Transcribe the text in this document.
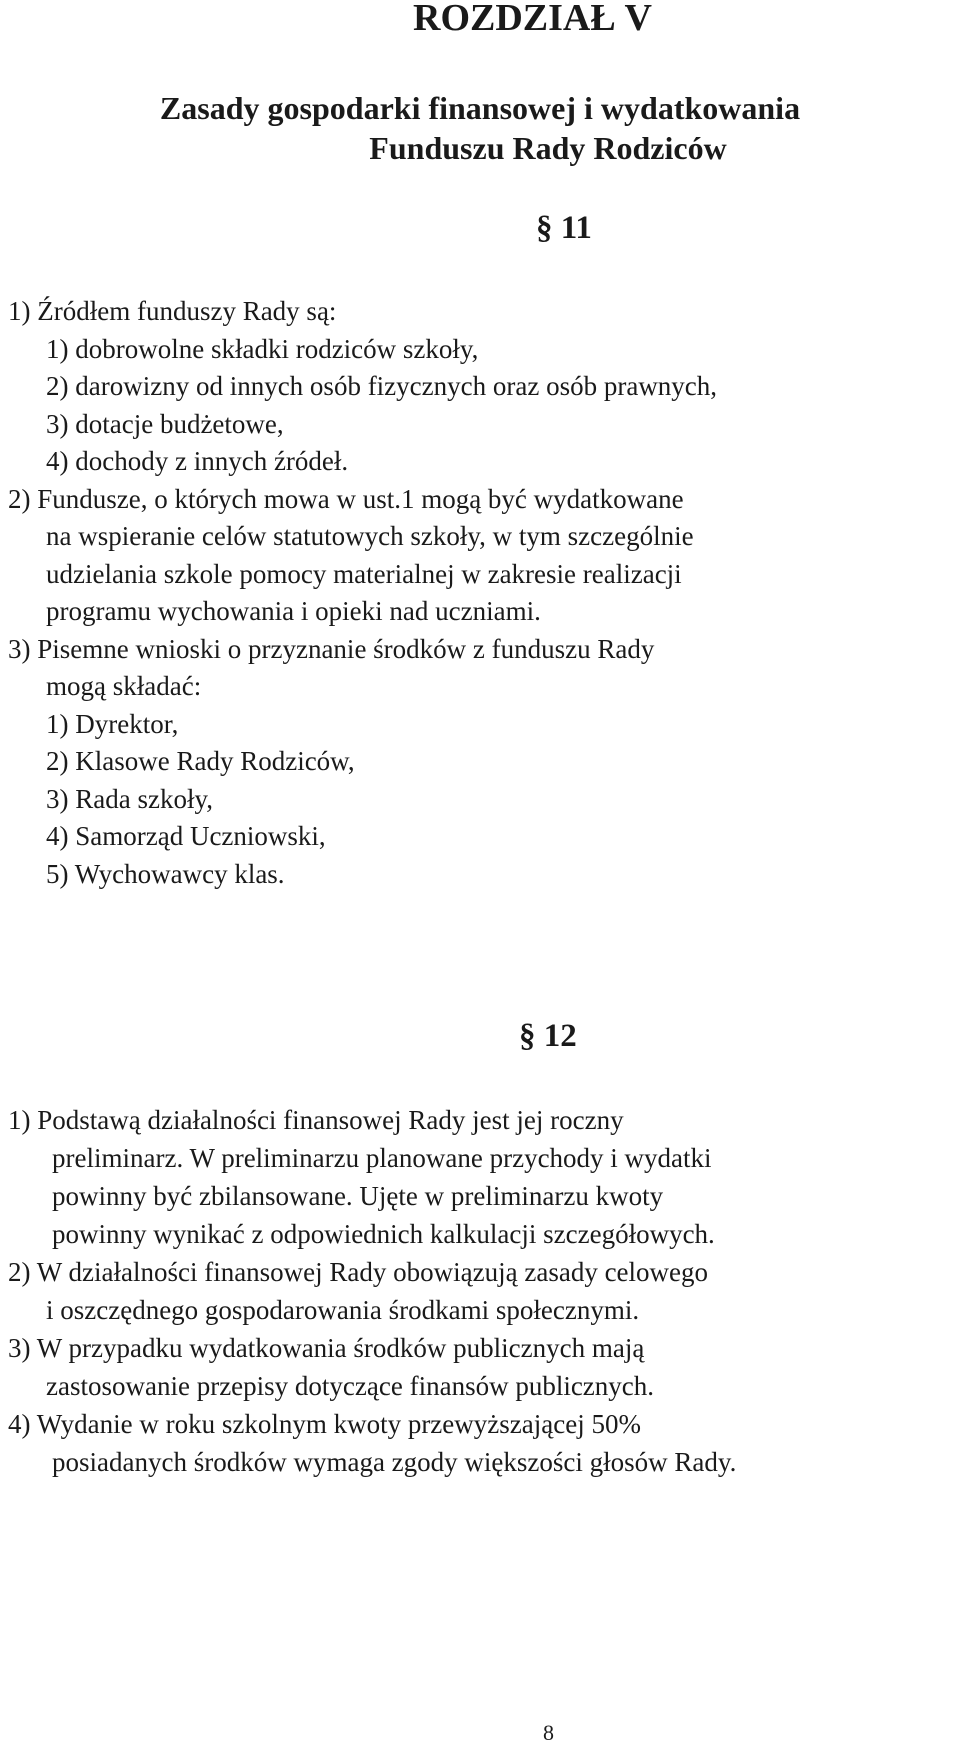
ROZDZIAŁ V
Zasady gospodarki finansowej i wydatkowania
Funduszu Rady Rodziców
§ 11
1) Źródłem funduszy Rady są:
1) dobrowolne składki rodziców szkoły,
2) darowizny od innych osób fizycznych oraz osób prawnych,
3) dotacje budżetowe,
4) dochody z innych źródeł.
2) Fundusze, o których mowa w ust.1 mogą być wydatkowane
na wspieranie celów statutowych szkoły, w tym szczególnie
udzielania szkole pomocy materialnej w zakresie realizacji
programu wychowania i opieki nad uczniami.
3) Pisemne wnioski o przyznanie środków z funduszu Rady
mogą składać:
1) Dyrektor,
2) Klasowe Rady Rodziców,
3) Rada szkoły,
4) Samorząd Uczniowski,
5) Wychowawcy klas.
§ 12
1) Podstawą działalności finansowej Rady jest jej roczny
preliminarz. W preliminarzu planowane przychody i wydatki
powinny być zbilansowane. Ujęte w preliminarzu kwoty
powinny wynikać z odpowiednich kalkulacji szczegółowych.
2) W działalności finansowej Rady obowiązują zasady celowego
i oszczędnego gospodarowania środkami społecznymi.
3) W przypadku wydatkowania środków publicznych mają
zastosowanie przepisy dotyczące finansów publicznych.
4) Wydanie w roku szkolnym kwoty przewyższającej 50%
posiadanych środków wymaga zgody większości głosów Rady.
8
